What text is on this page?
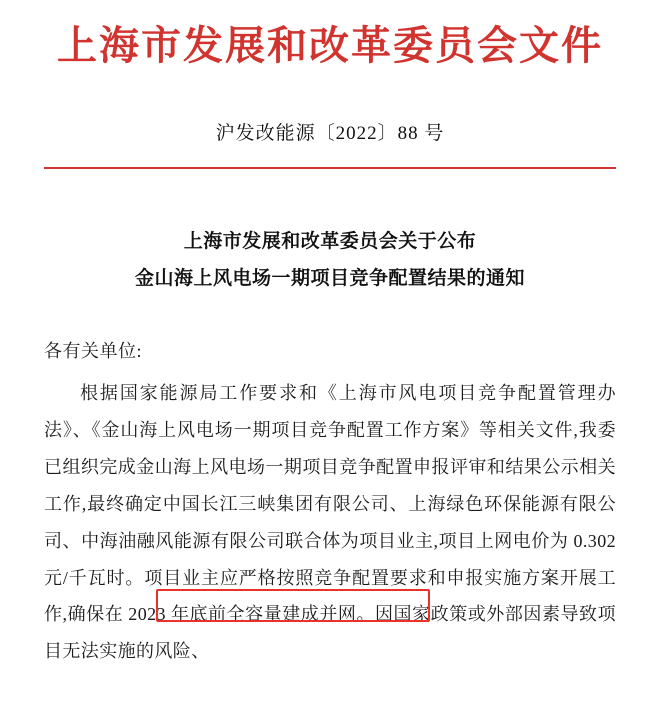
上海市发展和改革委员会文件
沪发改能源〔2022〕88 号
上海市发展和改革委员会关于公布
金山海上风电场一期项目竞争配置结果的通知
各有关单位:

根据国家能源局工作要求和《上海市风电项目竞争配置管理办法》、《金山海上风电场一期项目竞争配置工作方案》等相关文件,我委已组织完成金山海上风电场一期项目竞争配置申报评审和结果公示相关工作,最终确定中国长江三峡集团有限公司、上海绿色环保能源有限公司、中海油融风能源有限公司联合体为项目业主,项目上网电价为 0.302 元/千瓦时。项目业主应严格按照竞争配置要求和申报实施方案开展工作,确保在 2023 年底前全容量建成并网。因国家政策或外部因素导致项目无法实施的风险、
